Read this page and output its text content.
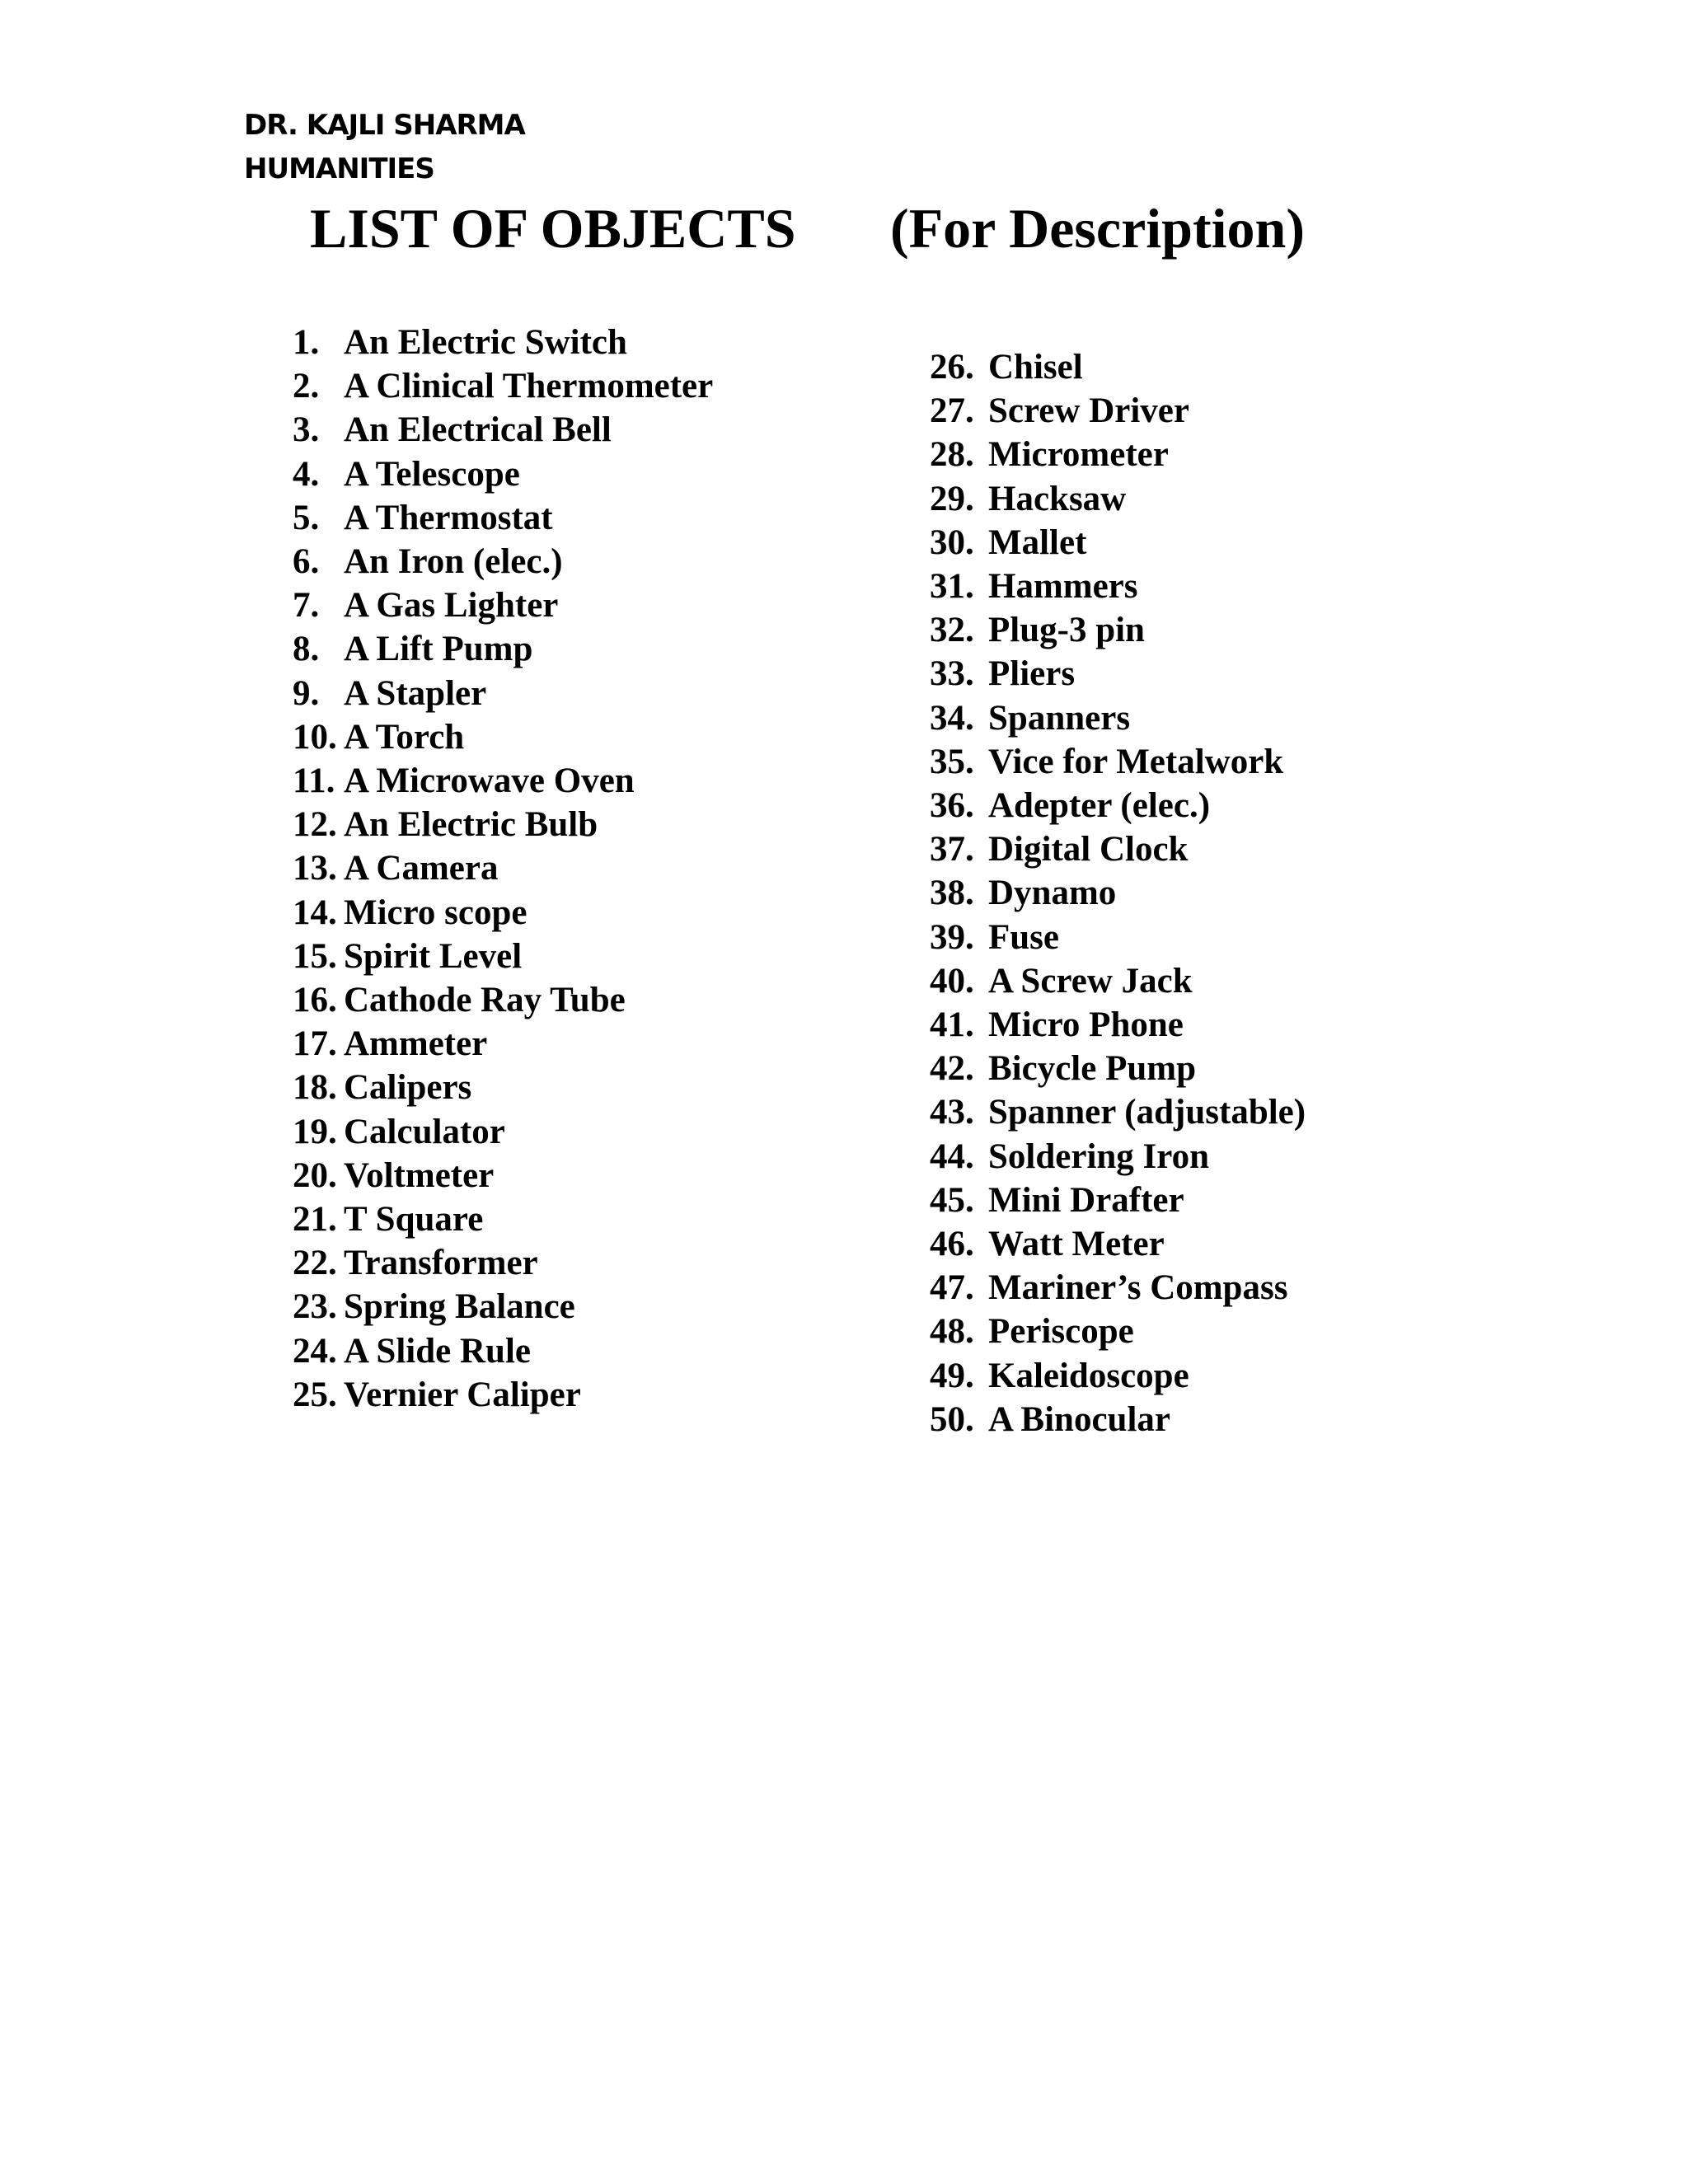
DR. KAJLI SHARMA
HUMANITIES
LIST OF OBJECTS (For Description)
1. An Electric Switch
2. A Clinical Thermometer
3. An Electrical Bell
4. A Telescope
5. A Thermostat
6. An Iron (elec.)
7. A Gas Lighter
8. A Lift Pump
9. A Stapler
10. A Torch
11. A Microwave Oven
12. An Electric Bulb
13. A Camera
14. Micro scope
15. Spirit Level
16. Cathode Ray Tube
17. Ammeter
18. Calipers
19. Calculator
20. Voltmeter
21. T Square
22. Transformer
23. Spring Balance
24. A Slide Rule
25. Vernier Caliper
26. Chisel
27. Screw Driver
28. Micrometer
29. Hacksaw
30. Mallet
31. Hammers
32. Plug-3 pin
33. Pliers
34. Spanners
35. Vice for Metalwork
36. Adepter (elec.)
37. Digital Clock
38. Dynamo
39. Fuse
40. A Screw Jack
41. Micro Phone
42. Bicycle Pump
43. Spanner (adjustable)
44. Soldering Iron
45. Mini Drafter
46. Watt Meter
47. Mariner’s Compass
48. Periscope
49. Kaleidoscope
50. A Binocular
